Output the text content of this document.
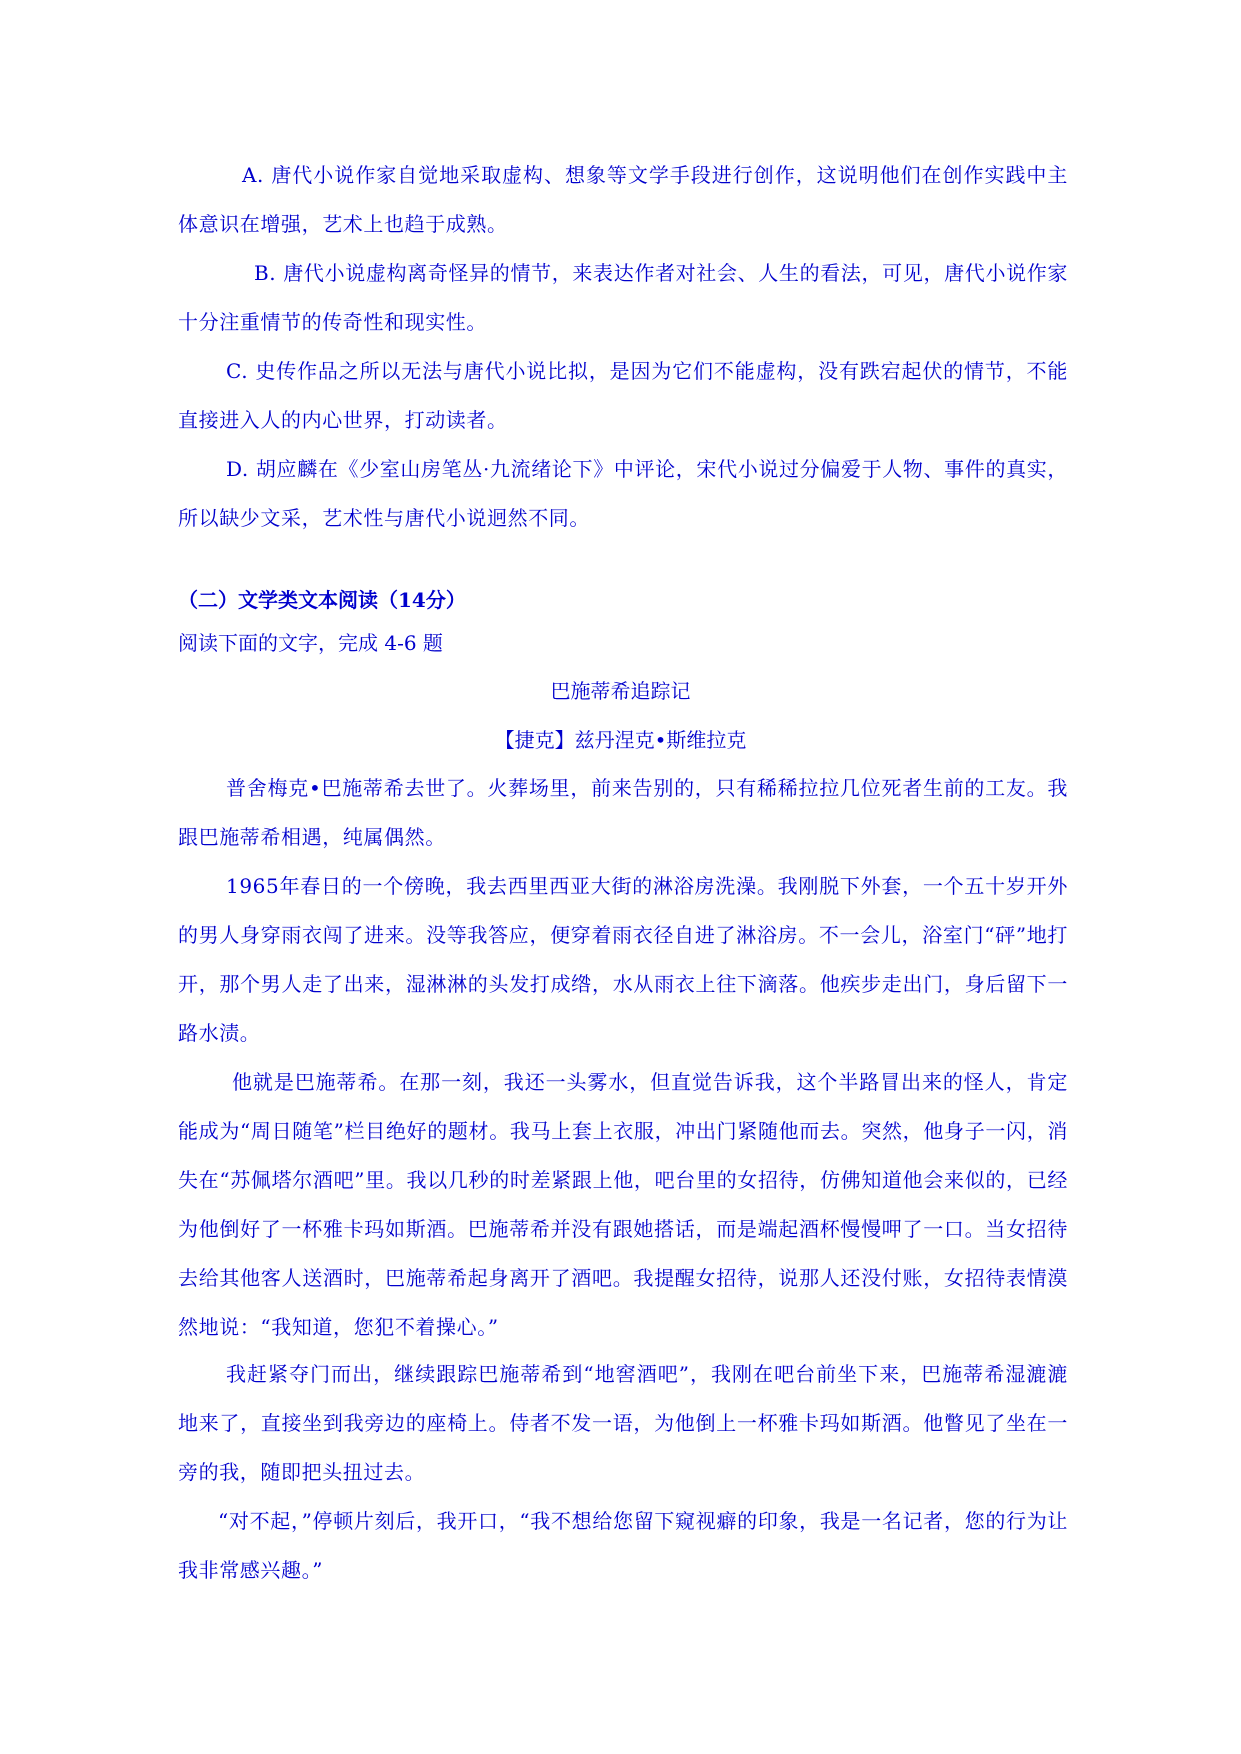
A. 唐代小说作家自觉地采取虚构、想象等文学手段进行创作，这说明他们在创作实践中主体意识在增强，艺术上也趋于成熟。

B. 唐代小说虚构离奇怪异的情节，来表达作者对社会、人生的看法，可见，唐代小说作家十分注重情节的传奇性和现实性。

C. 史传作品之所以无法与唐代小说比拟，是因为它们不能虚构，没有跌宕起伏的情节，不能直接进入人的内心世界，打动读者。

D. 胡应麟在《少室山房笔丛·九流绪论下》中评论，宋代小说过分偏爱于人物、事件的真实，所以缺少文采，艺术性与唐代小说迥然不同。

（二）文学类文本阅读（14分）

阅读下面的文字，完成 4-6 题

巴施蒂希追踪记

【捷克】兹丹涅克•斯维拉克

普舍梅克•巴施蒂希去世了。火葬场里，前来告别的，只有稀稀拉拉几位死者生前的工友。我跟巴施蒂希相遇，纯属偶然。

1965年春日的一个傍晚，我去西里西亚大街的淋浴房洗澡。我刚脱下外套，一个五十岁开外的男人身穿雨衣闯了进来。没等我答应，便穿着雨衣径自进了淋浴房。不一会儿，浴室门“砰”地打开，那个男人走了出来，湿淋淋的头发打成绺，水从雨衣上往下滴落。他疾步走出门，身后留下一路水渍。

他就是巴施蒂希。在那一刻，我还一头雾水，但直觉告诉我，这个半路冒出来的怪人，肯定能成为“周日随笔”栏目绝好的题材。我马上套上衣服，冲出门紧随他而去。突然，他身子一闪，消失在“苏佩塔尔酒吧”里。我以几秒的时差紧跟上他，吧台里的女招待，仿佛知道他会来似的，已经为他倒好了一杯雅卡玛如斯酒。巴施蒂希并没有跟她搭话，而是端起酒杯慢慢呷了一口。当女招待去给其他客人送酒时，巴施蒂希起身离开了酒吧。我提醒女招待，说那人还没付账，女招待表情漠然地说：“我知道，您犯不着操心。”

我赶紧夺门而出，继续跟踪巴施蒂希到“地窖酒吧”，我刚在吧台前坐下来，巴施蒂希湿漉漉地来了，直接坐到我旁边的座椅上。侍者不发一语，为他倒上一杯雅卡玛如斯酒。他瞥见了坐在一旁的我，随即把头扭过去。

“对不起，”停顿片刻后，我开口，“我不想给您留下窥视癖的印象，我是一名记者，您的行为让我非常感兴趣。”
